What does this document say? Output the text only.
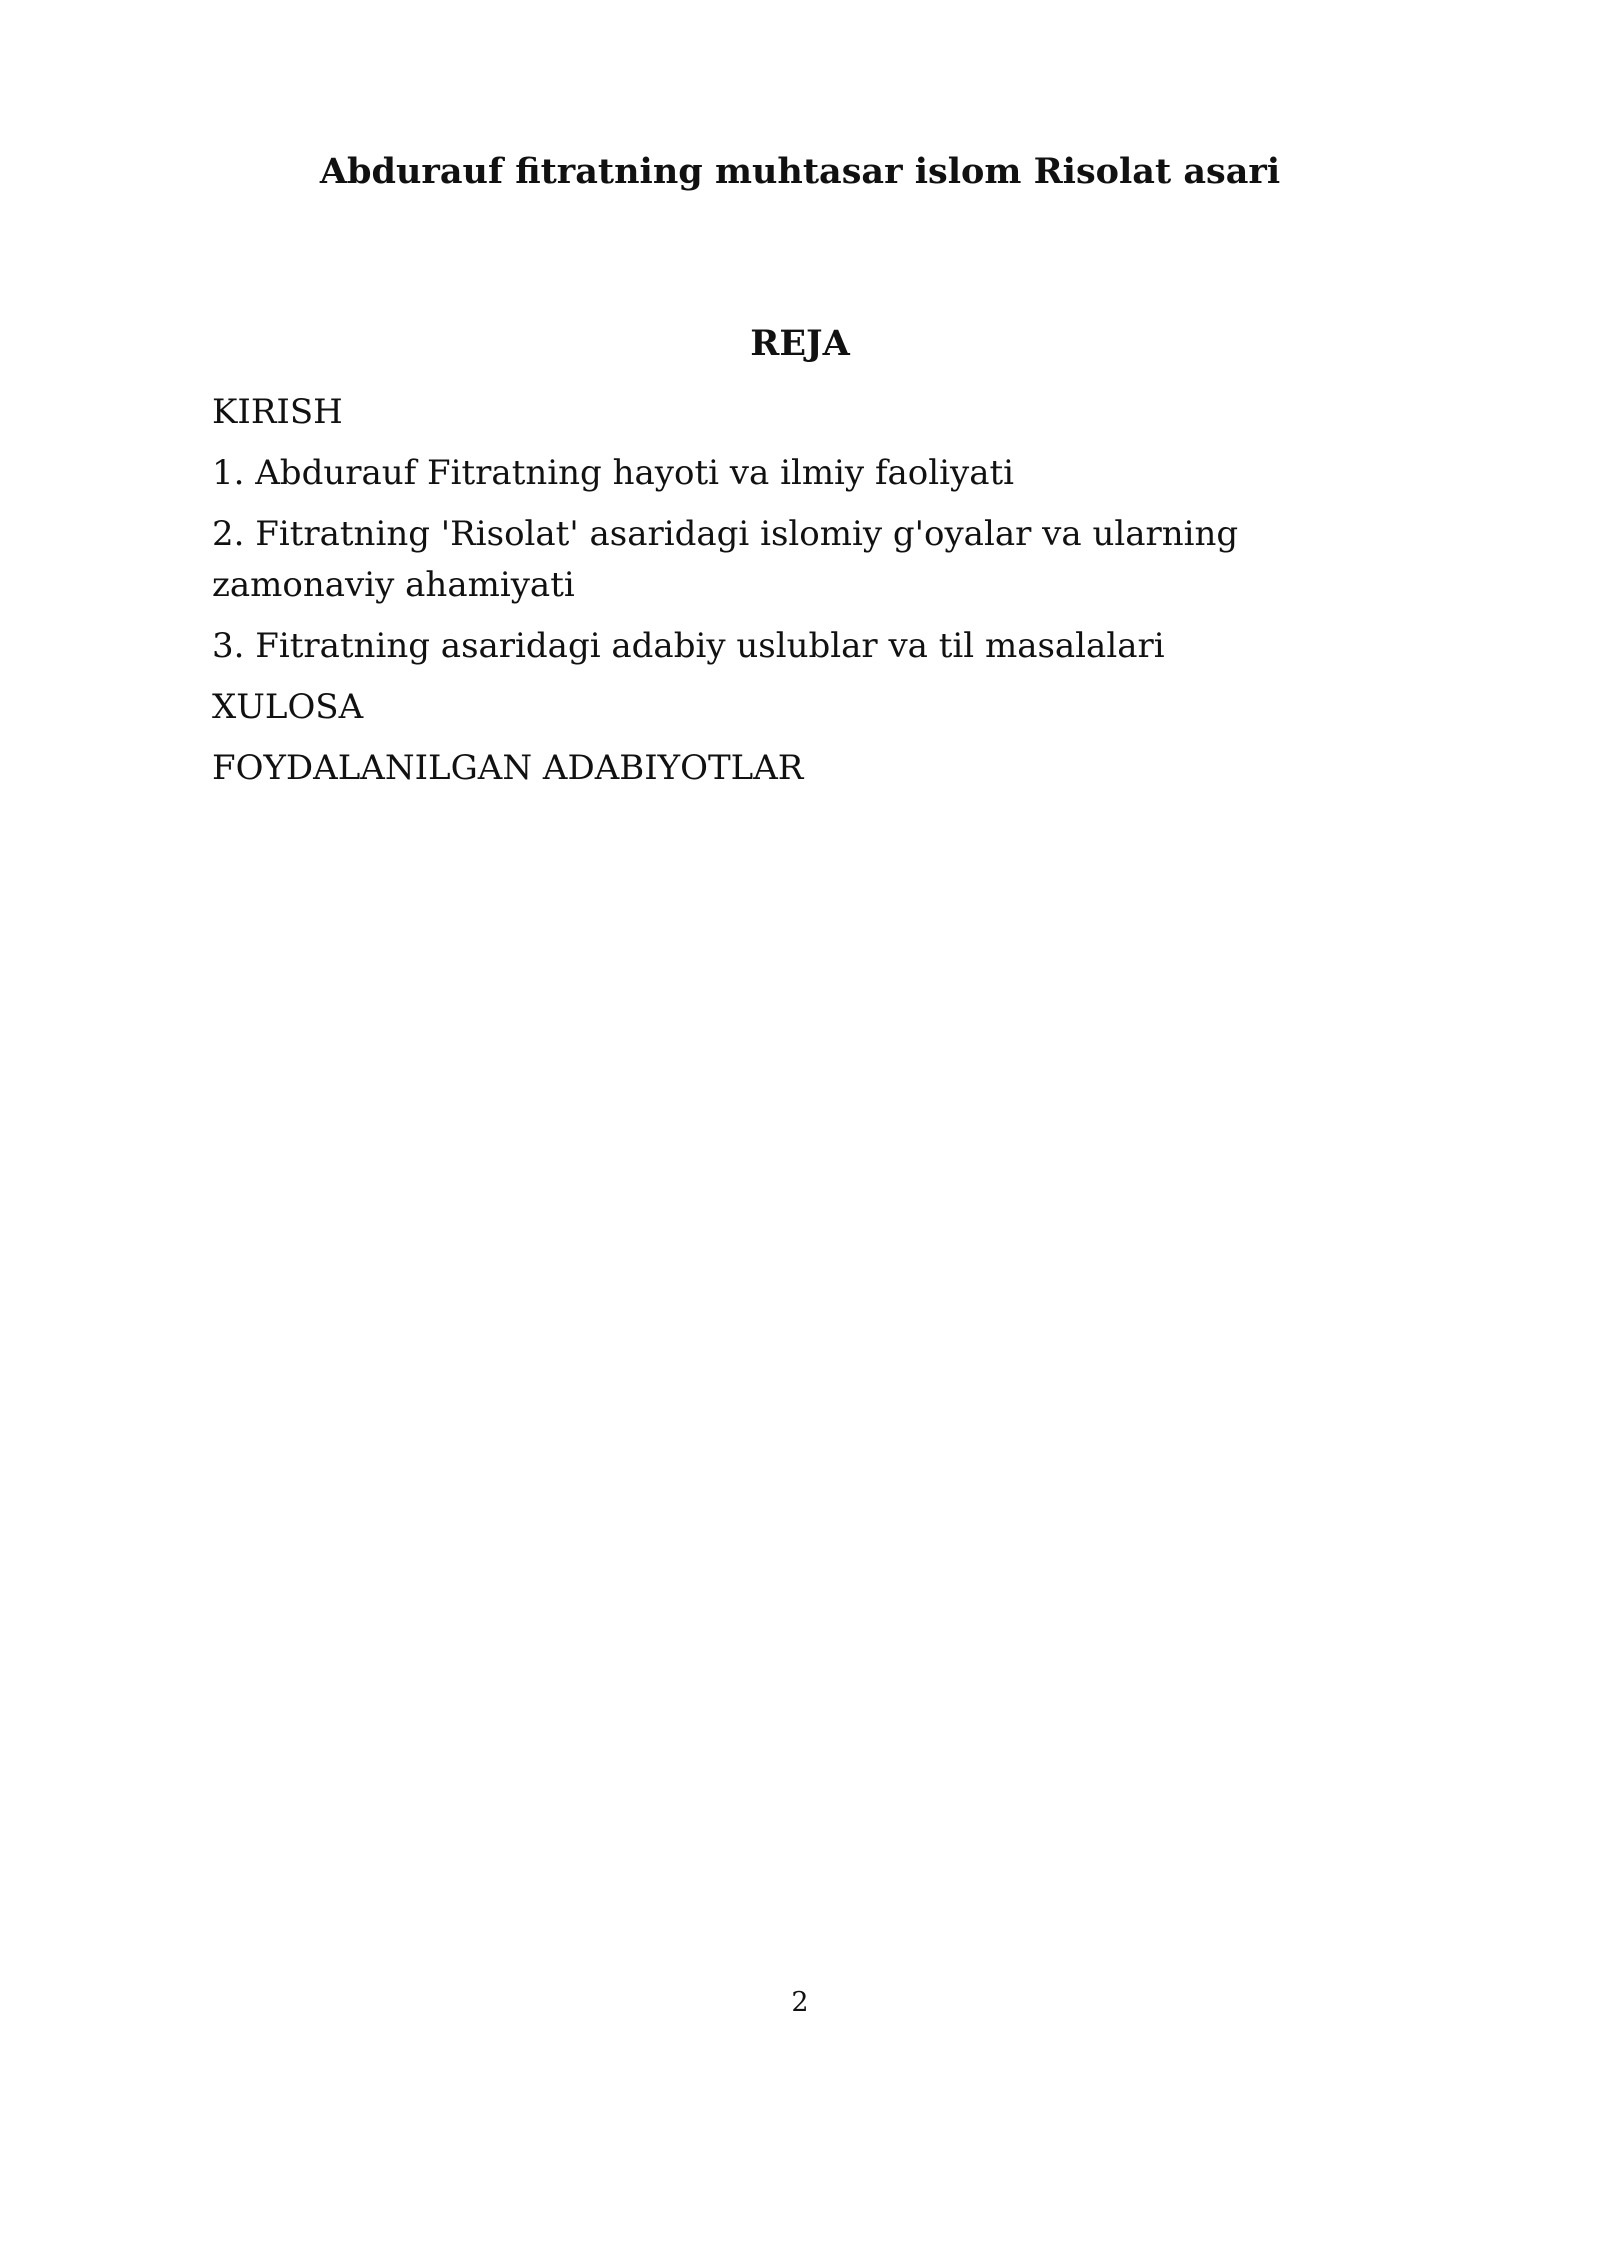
Abdurauf fitratning muhtasar islom Risolat asari
REJA
KIRISH
1. Abdurauf Fitratning hayoti va ilmiy faoliyati
2. Fitratning 'Risolat' asaridagi islomiy g'oyalar va ularning zamonaviy ahamiyati
3. Fitratning asaridagi adabiy uslublar va til masalalari
XULOSA
FOYDALANILGAN ADABIYOTLAR
2
